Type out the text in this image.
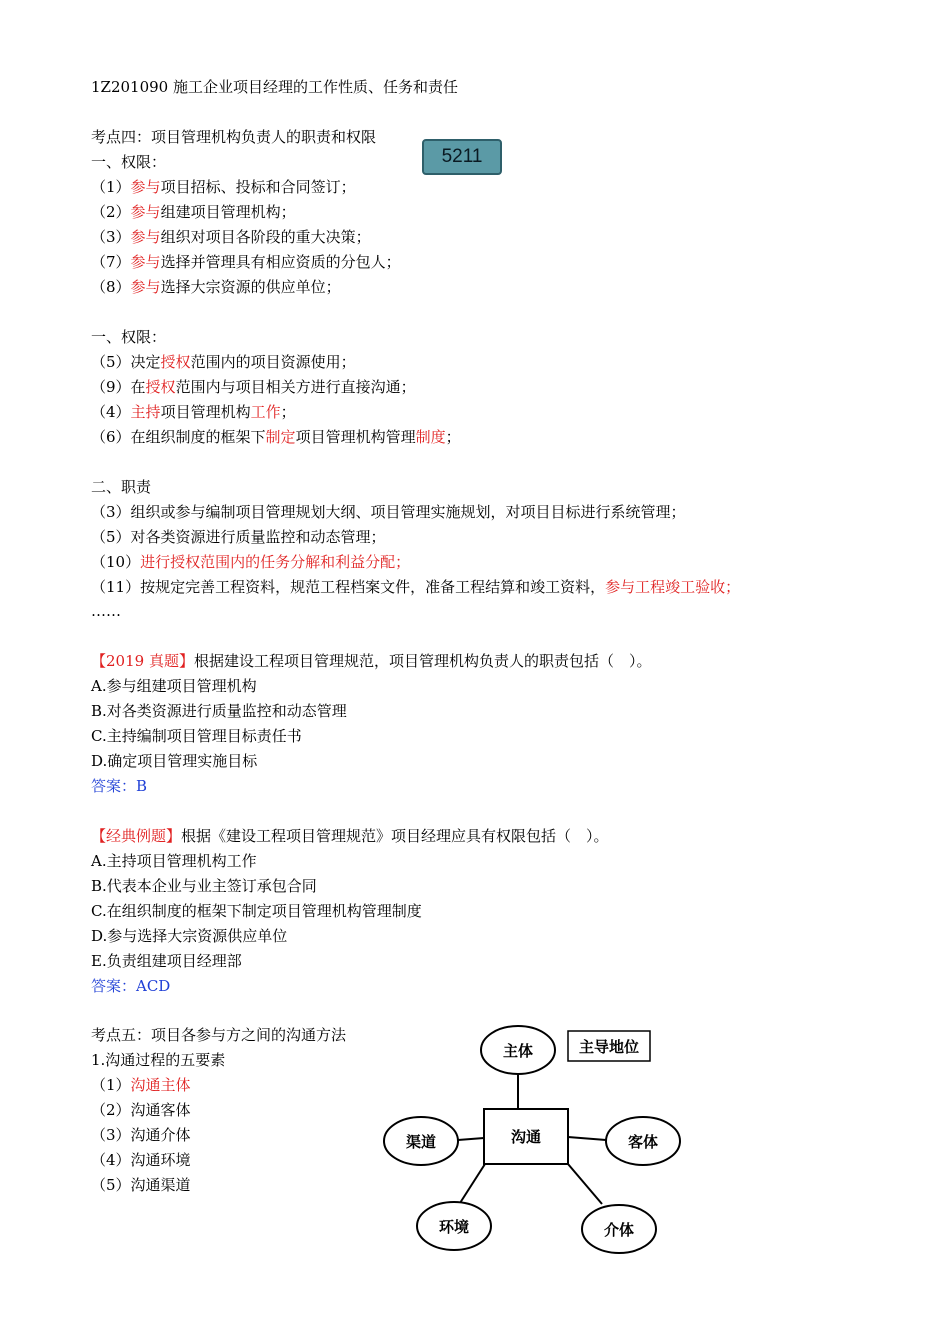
1Z201090 施工企业项目经理的工作性质、任务和责任
考点四：项目管理机构负责人的职责和权限
5211
一、权限：
（1）参与项目招标、投标和合同签订；
（2）参与组建项目管理机构；
（3）参与组织对项目各阶段的重大决策；
（7）参与选择并管理具有相应资质的分包人；
（8）参与选择大宗资源的供应单位；
一、权限：
（5）决定授权范围内的项目资源使用；
（9）在授权范围内与项目相关方进行直接沟通；
（4）主持项目管理机构工作；
（6）在组织制度的框架下制定项目管理机构管理制度；
二、职责
（3）组织或参与编制项目管理规划大纲、项目管理实施规划，对项目目标进行系统管理；
（5）对各类资源进行质量监控和动态管理；
（10）进行授权范围内的任务分解和利益分配；
（11）按规定完善工程资料，规范工程档案文件，准备工程结算和竣工资料，参与工程竣工验收；
……
【2019 真题】根据建设工程项目管理规范，项目管理机构负责人的职责包括（　）。
A.参与组建项目管理机构
B.对各类资源进行质量监控和动态管理
C.主持编制项目管理目标责任书
D.确定项目管理实施目标
答案：B
【经典例题】根据《建设工程项目管理规范》项目经理应具有权限包括（　）。
A.主持项目管理机构工作
B.代表本企业与业主签订承包合同
C.在组织制度的框架下制定项目管理机构管理制度
D.参与选择大宗资源供应单位
E.负责组建项目经理部
答案：ACD
考点五：项目各参与方之间的沟通方法
1.沟通过程的五要素
（1）沟通主体
（2）沟通客体
（3）沟通介体
（4）沟通环境
（5）沟通渠道
沟通
主体
渠道	客体
环境	介体
主导地位
